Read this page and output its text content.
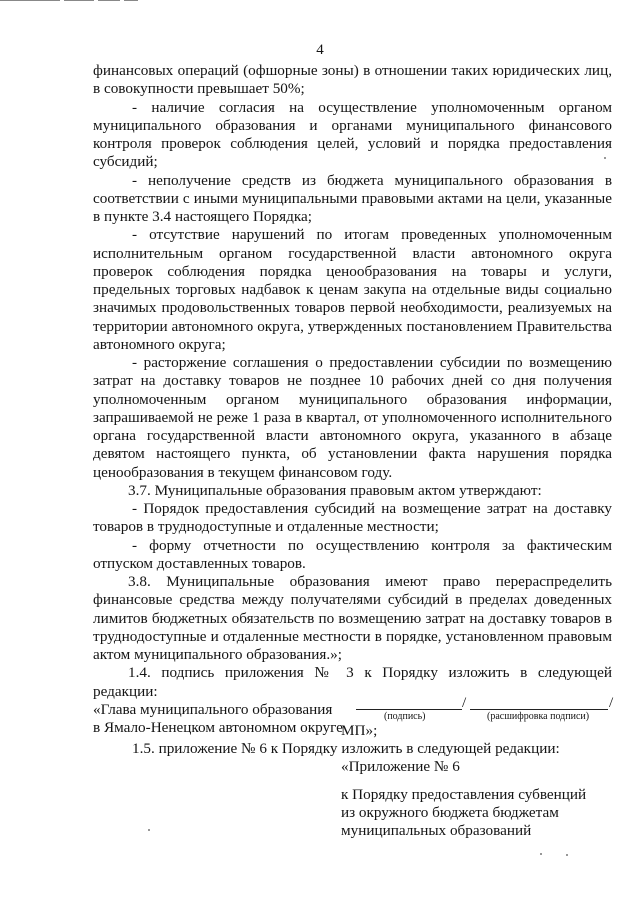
4
финансовых операций (офшорные зоны) в отношении таких юридических лиц,
в совокупности превышает 50%;
- наличие согласия на осуществление уполномоченным органом
муниципального образования и органами муниципального финансового
контроля проверок соблюдения целей, условий и порядка предоставления
субсидий;
- неполучение средств из бюджета муниципального образования в
соответствии с иными муниципальными правовыми актами на цели, указанные
в пункте 3.4 настоящего Порядка;
- отсутствие нарушений по итогам проведенных уполномоченным
исполнительным органом государственной власти автономного округа
проверок соблюдения порядка ценообразования на товары и услуги,
предельных торговых надбавок к ценам закупа на отдельные виды социально
значимых продовольственных товаров первой необходимости, реализуемых на
территории автономного округа, утвержденных постановлением Правительства
автономного округа;
- расторжение соглашения о предоставлении субсидии по возмещению
затрат на доставку товаров не позднее 10 рабочих дней со дня получения
уполномоченным органом муниципального образования информации,
запрашиваемой не реже 1 раза в квартал, от уполномоченного исполнительного
органа государственной власти автономного округа, указанного в абзаце
девятом настоящего пункта, об установлении факта нарушения порядка
ценообразования в текущем финансовом году.
3.7. Муниципальные образования правовым актом утверждают:
- Порядок предоставления субсидий на возмещение затрат на доставку
товаров в труднодоступные и отдаленные местности;
- форму отчетности по осуществлению контроля за фактическим
отпуском доставленных товаров.
3.8. Муниципальные образования имеют право перераспределить
финансовые средства между получателями субсидий в пределах доведенных
лимитов бюджетных обязательств по возмещению затрат на доставку товаров в
труднодоступные и отдаленные местности в порядке, установленном правовым
актом муниципального образования.»;
1.4. подпись приложения № 3 к Порядку изложить в следующей
редакции:
«Глава муниципального образования
в Ямало-Ненецком автономном округе
/	/
(подпись)	(расшифровка подписи)
МП»;
1.5. приложение № 6 к Порядку изложить в следующей редакции:
«Приложение № 6
к Порядку предоставления субвенций
из окружного бюджета бюджетам
муниципальных образований
